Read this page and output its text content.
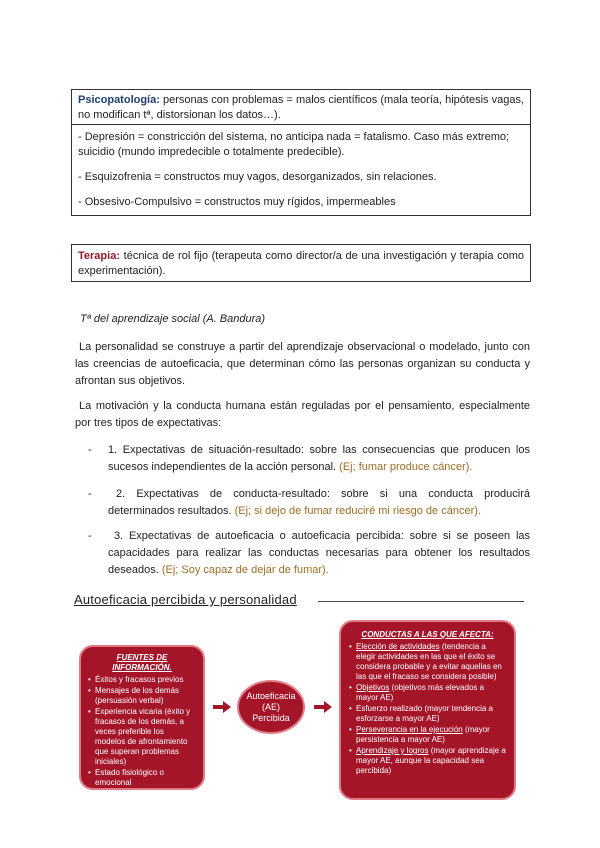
Psicopatología: personas con problemas = malos científicos (mala teoría, hipótesis vagas, no modifican tª, distorsionan los datos…).

- Depresión = constricción del sistema, no anticipa nada = fatalismo. Caso más extremo; suicidio (mundo impredecible o totalmente predecible).

- Esquizofrenia = constructos muy vagos, desorganizados, sin relaciones.

- Obsesivo-Compulsivo = constructos muy rígidos, impermeables

Terapia: técnica de rol fijo (terapeuta como director/a de una investigación y terapia como experimentación).

Tª del aprendizaje social (A. Bandura)
La personalidad se construye a partir del aprendizaje observacional o modelado, junto con las creencias de autoeficacia, que determinan cómo las personas organizan su conducta y afrontan sus objetivos.
La motivación y la conducta humana están reguladas por el pensamiento, especialmente por tres tipos de expectativas:
-	1. Expectativas de situación-resultado: sobre las consecuencias que producen los sucesos independientes de la acción personal. (Ej; fumar produce cáncer).
-	2. Expectativas de conducta-resultado: sobre si una conducta producirá determinados resultados. (Ej; si dejo de fumar reduciré mi riesgo de cáncer).
-	3. Expectativas de autoeficacia o autoeficacia percibida: sobre si se poseen las capacidades para realizar las conductas necesarias para obtener los resultados deseados. (Ej; Soy capaz de dejar de fumar).
Autoeficacia percibida y personalidad
FUENTES DE INFORMACIÓN.
• Éxitos y fracasos previos
• Mensajes de los demás (persuasión verbal)
• Experiencia vicaria (éxito y fracasos de los demás, a veces preferible los modelos de afrontamiento que superan problemas iniciales)
• Estado fisiológico o emocional
Autoeficacia
(AE)
Percibida
CONDUCTAS A LAS QUE AFECTA:
• Elección de actividades (tendencia a elegir actividades en las que el éxito se considera probable y a evitar aquellas en las que el fracaso se considera posible)
• Objetivos (objetivos más elevados a mayor AE)
• Esfuerzo realizado (mayor tendencia a esforzarse a mayor AE)
• Perseverancia en la ejecución (mayor persistencia a mayor AE)
• Aprendizaje y logros (mayor aprendizaje a mayor AE, aunque la capacidad sea percibida)
